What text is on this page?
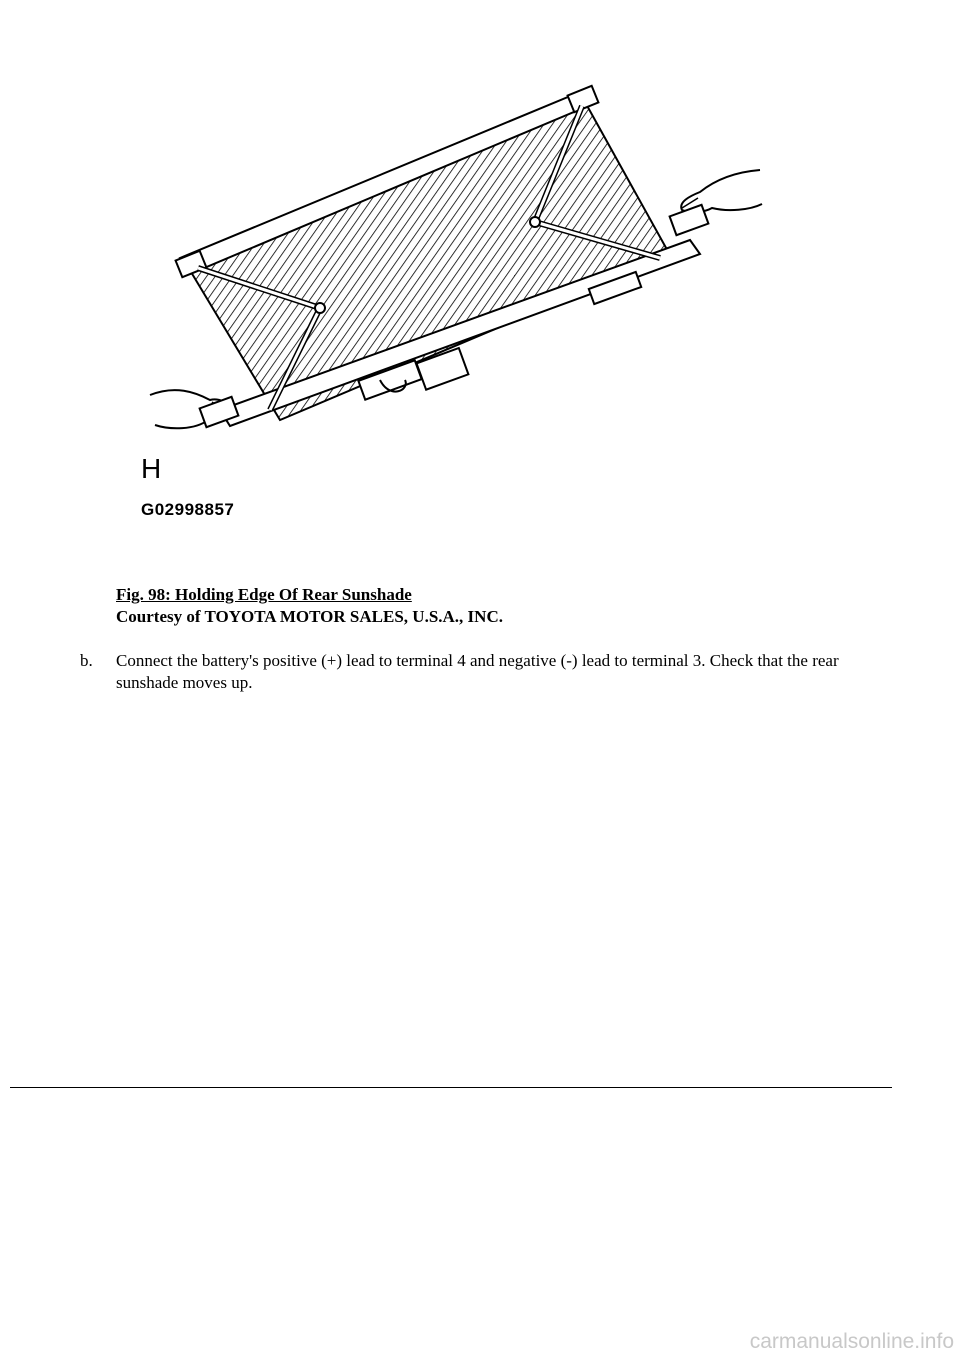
H
G02998857
Fig. 98: Holding Edge Of Rear Sunshade
Courtesy of TOYOTA MOTOR SALES, U.S.A., INC.
b. Connect the battery's positive (+) lead to terminal 4 and negative (-) lead to terminal 3. Check that the rear sunshade moves up.
carmanualsonline.info
